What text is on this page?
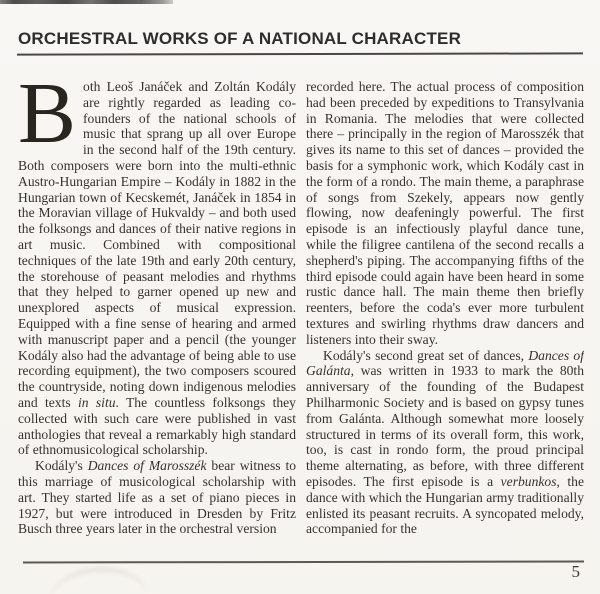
ORCHESTRAL WORKS OF A NATIONAL CHARACTER

Both Leoš Janáček and Zoltán Kodály are rightly regarded as leading co-founders of the national schools of music that sprang up all over Europe in the second half of the 19th century. Both composers were born into the multi-ethnic Austro-Hungarian Empire – Kodály in 1882 in the Hungarian town of Kecskemét, Janáček in 1854 in the Moravian village of Hukvaldy – and both used the folksongs and dances of their native regions in art music. Combined with compositional techniques of the late 19th and early 20th century, the storehouse of peasant melodies and rhythms that they helped to garner opened up new and unexplored aspects of musical expression. Equipped with a fine sense of hearing and armed with manuscript paper and a pencil (the younger Kodály also had the advantage of being able to use recording equipment), the two composers scoured the countryside, noting down indigenous melodies and texts in situ. The countless folksongs they collected with such care were published in vast anthologies that reveal a remarkably high standard of ethnomusicological scholarship.

Kodály's Dances of Marosszék bear witness to this marriage of musicological scholarship with art. They started life as a set of piano pieces in 1927, but were introduced in Dresden by Fritz Busch three years later in the orchestral version

recorded here. The actual process of composition had been preceded by expeditions to Transylvania in Romania. The melodies that were collected there – principally in the region of Marosszék that gives its name to this set of dances – provided the basis for a symphonic work, which Kodály cast in the form of a rondo. The main theme, a paraphrase of songs from Szekely, appears now gently flowing, now deafeningly powerful. The first episode is an infectiously playful dance tune, while the filigree cantilena of the second recalls a shepherd's piping. The accompanying fifths of the third episode could again have been heard in some rustic dance hall. The main theme then briefly reenters, before the coda's ever more turbulent textures and swirling rhythms draw dancers and listeners into their sway.

Kodály's second great set of dances, Dances of Galánta, was written in 1933 to mark the 80th anniversary of the founding of the Budapest Philharmonic Society and is based on gypsy tunes from Galánta. Although somewhat more loosely structured in terms of its overall form, this work, too, is cast in rondo form, the proud principal theme alternating, as before, with three different episodes. The first episode is a verbunkos, the dance with which the Hungarian army traditionally enlisted its peasant recruits. A syncopated melody, accompanied for the

5
